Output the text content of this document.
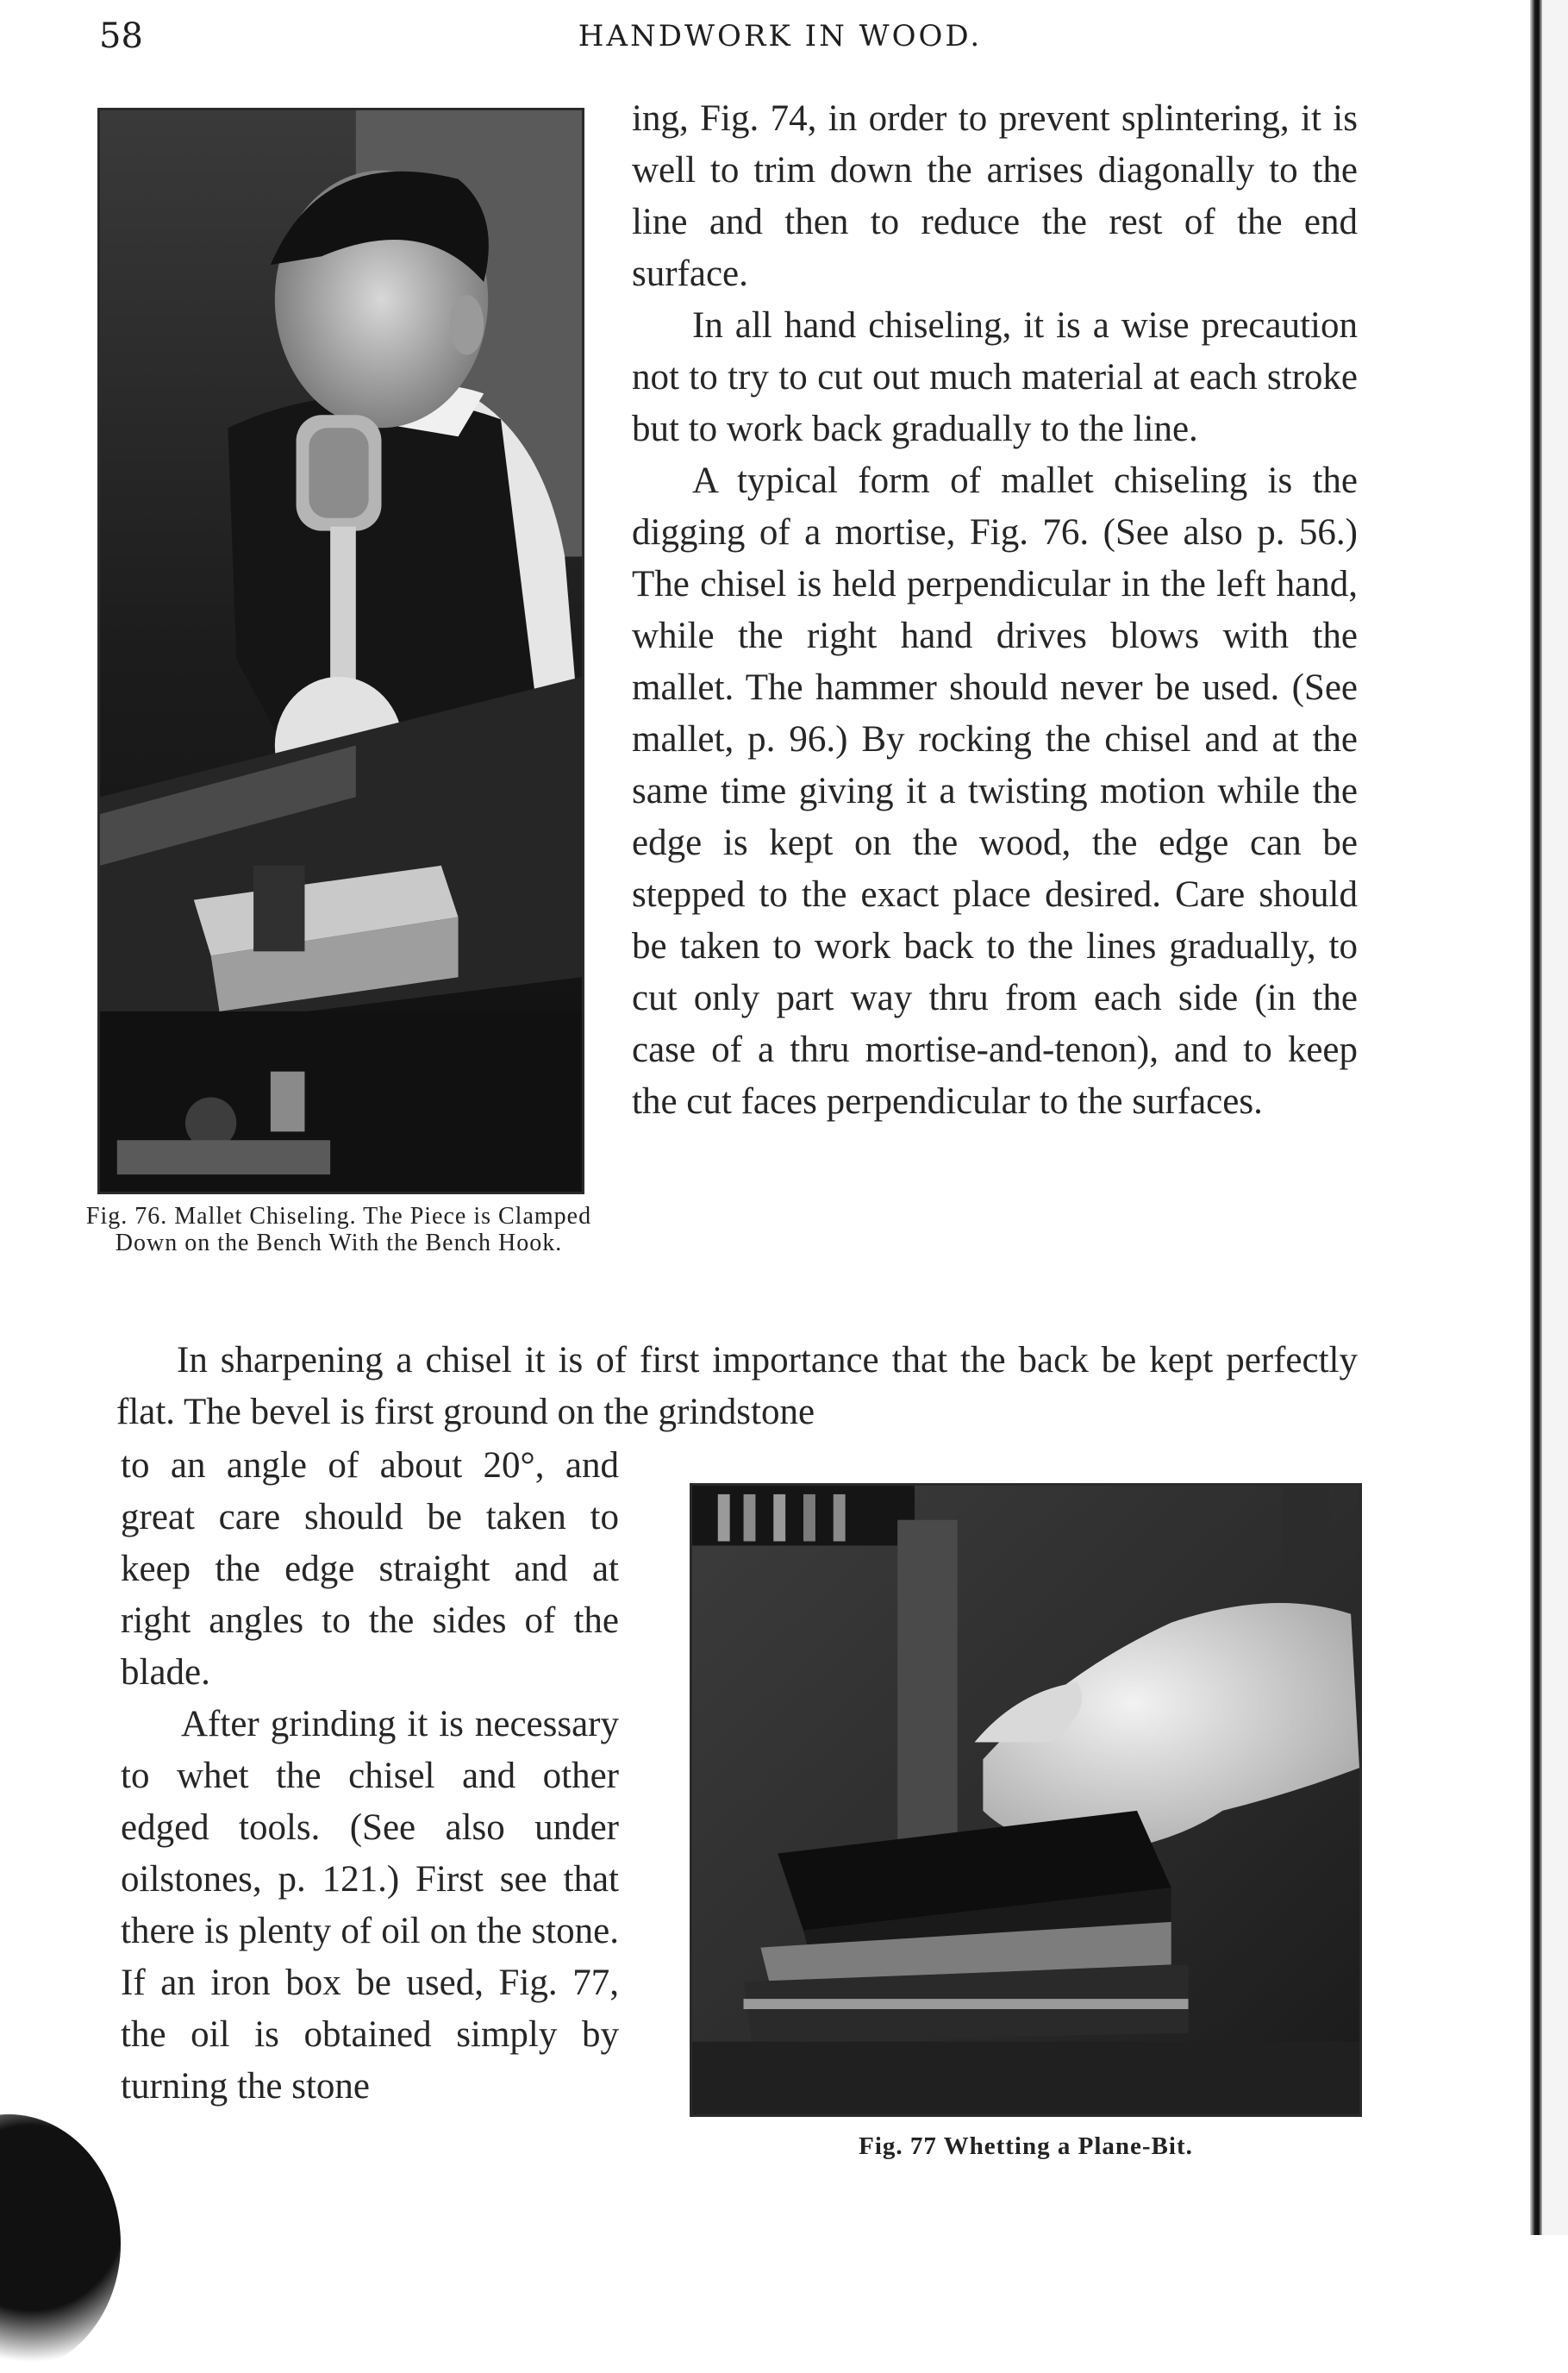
58	HANDWORK IN WOOD.
Fig. 76. Mallet Chiseling. The Piece is Clamped Down on the Bench With the Bench Hook.

ing, Fig. 74, in order to prevent splintering, it is well to trim down the arrises diagonally to the line and then to reduce the rest of the end surface.

In all hand chiseling, it is a wise precaution not to try to cut out much material at each stroke but to work back gradually to the line.

A typical form of mallet chiseling is the digging of a mortise, Fig. 76. (See also p. 56.) The chisel is held perpendicular in the left hand, while the right hand drives blows with the mallet. The hammer should never be used. (See mallet, p. 96.) By rocking the chisel and at the same time giving it a twisting motion while the edge is kept on the wood, the edge can be stepped to the exact place desired. Care should be taken to work back to the lines gradually, to cut only part way thru from each side (in the case of a thru mortise-and-tenon), and to keep the cut faces perpendicular to the surfaces.

In sharpening a chisel it is of first importance that the back be kept perfectly flat. The bevel is first ground on the grindstone

to an angle of about 20°, and great care should be taken to keep the edge straight and at right angles to the sides of the blade.

After grinding it is necessary to whet the chisel and other edged tools. (See also under oilstones, p. 121.) First see that there is plenty of oil on the stone. If an iron box be used, Fig. 77, the oil is obtained simply by turning the stone

Fig. 77 Whetting a Plane-Bit.
